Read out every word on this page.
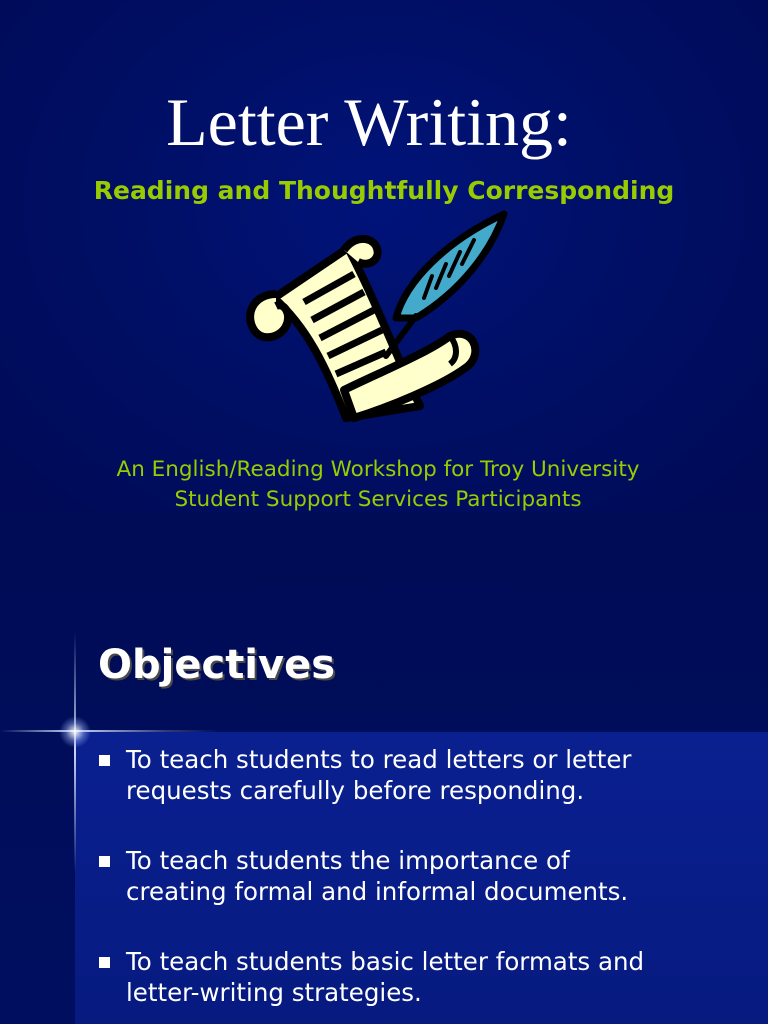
Letter Writing:
Reading and Thoughtfully Corresponding
An English/Reading Workshop for Troy University
Student Support Services Participants
Objectives
To teach students to read letters or letter
requests carefully before responding.
To teach students the importance of
creating formal and informal documents.
To teach students basic letter formats and
letter-writing strategies.
